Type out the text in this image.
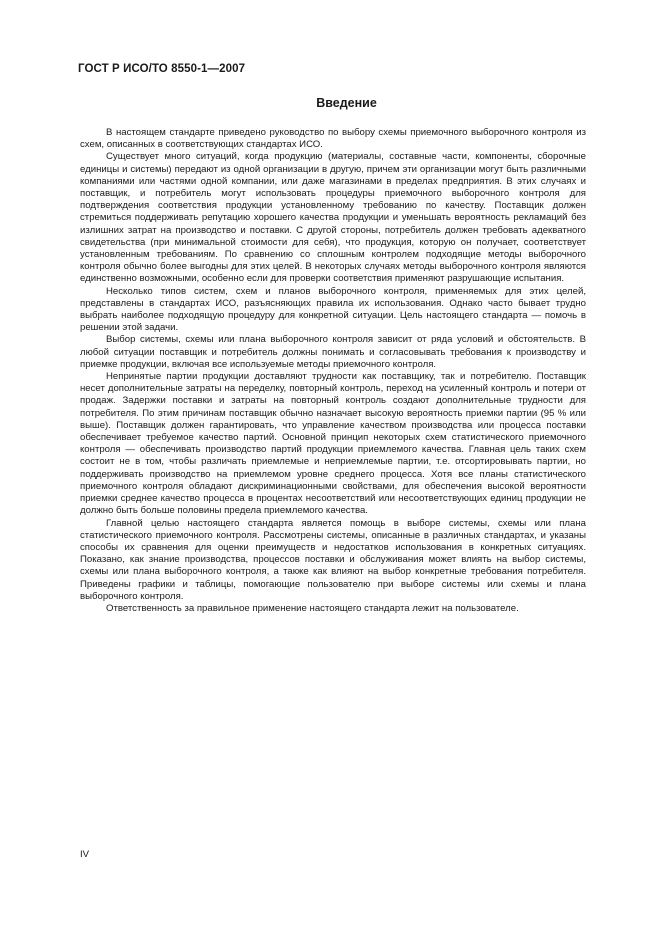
ГОСТ Р ИСО/ТО 8550-1—2007
Введение

В настоящем стандарте приведено руководство по выбору схемы приемочного выборочного контроля из схем, описанных в соответствующих стандартах ИСО.

Существует много ситуаций, когда продукцию (материалы, составные части, компоненты, сборочные единицы и системы) передают из одной организации в другую, причем эти организации могут быть различными компаниями или частями одной компании, или даже магазинами в пределах предприятия. В этих случаях и поставщик, и потребитель могут использовать процедуры приемочного выборочного контроля для подтверждения соответствия продукции установленному требованию по качеству. Поставщик должен стремиться поддерживать репутацию хорошего качества продукции и уменьшать вероятность рекламаций без излишних затрат на производство и поставки. С другой стороны, потребитель должен требовать адекватного свидетельства (при минимальной стоимости для себя), что продукция, которую он получает, соответствует установленным требованиям. По сравнению со сплошным контролем подходящие методы выборочного контроля обычно более выгодны для этих целей. В некоторых случаях методы выборочного контроля являются единственно возможными, особенно если для проверки соответствия применяют разрушающие испытания.

Несколько типов систем, схем и планов выборочного контроля, применяемых для этих целей, представлены в стандартах ИСО, разъясняющих правила их использования. Однако часто бывает трудно выбрать наиболее подходящую процедуру для конкретной ситуации. Цель настоящего стандарта — помочь в решении этой задачи.

Выбор системы, схемы или плана выборочного контроля зависит от ряда условий и обстоятельств. В любой ситуации поставщик и потребитель должны понимать и согласовывать требования к производству и приемке продукции, включая все используемые методы приемочного контроля.

Непринятые партии продукции доставляют трудности как поставщику, так и потребителю. Поставщик несет дополнительные затраты на переделку, повторный контроль, переход на усиленный контроль и потери от продаж. Задержки поставки и затраты на повторный контроль создают дополнительные трудности для потребителя. По этим причинам поставщик обычно назначает высокую вероятность приемки партии (95 % или выше). Поставщик должен гарантировать, что управление качеством производства или процесса поставки обеспечивает требуемое качество партий. Основной принцип некоторых схем статистического приемочного контроля — обеспечивать производство партий продукции приемлемого качества. Главная цель таких схем состоит не в том, чтобы различать приемлемые и неприемлемые партии, т.е. отсортировывать партии, но поддерживать производство на приемлемом уровне среднего процесса. Хотя все планы статистического приемочного контроля обладают дискриминационными свойствами, для обеспечения высокой вероятности приемки среднее качество процесса в процентах несоответствий или несоответствующих единиц продукции не должно быть больше половины предела приемлемого качества.

Главной целью настоящего стандарта является помощь в выборе системы, схемы или плана статистического приемочного контроля. Рассмотрены системы, описанные в различных стандартах, и указаны способы их сравнения для оценки преимуществ и недостатков использования в конкретных ситуациях. Показано, как знание производства, процессов поставки и обслуживания может влиять на выбор системы, схемы или плана выборочного контроля, а также как влияют на выбор конкретные требования потребителя. Приведены графики и таблицы, помогающие пользователю при выборе системы или схемы и плана выборочного контроля.

Ответственность за правильное применение настоящего стандарта лежит на пользователе.

IV
